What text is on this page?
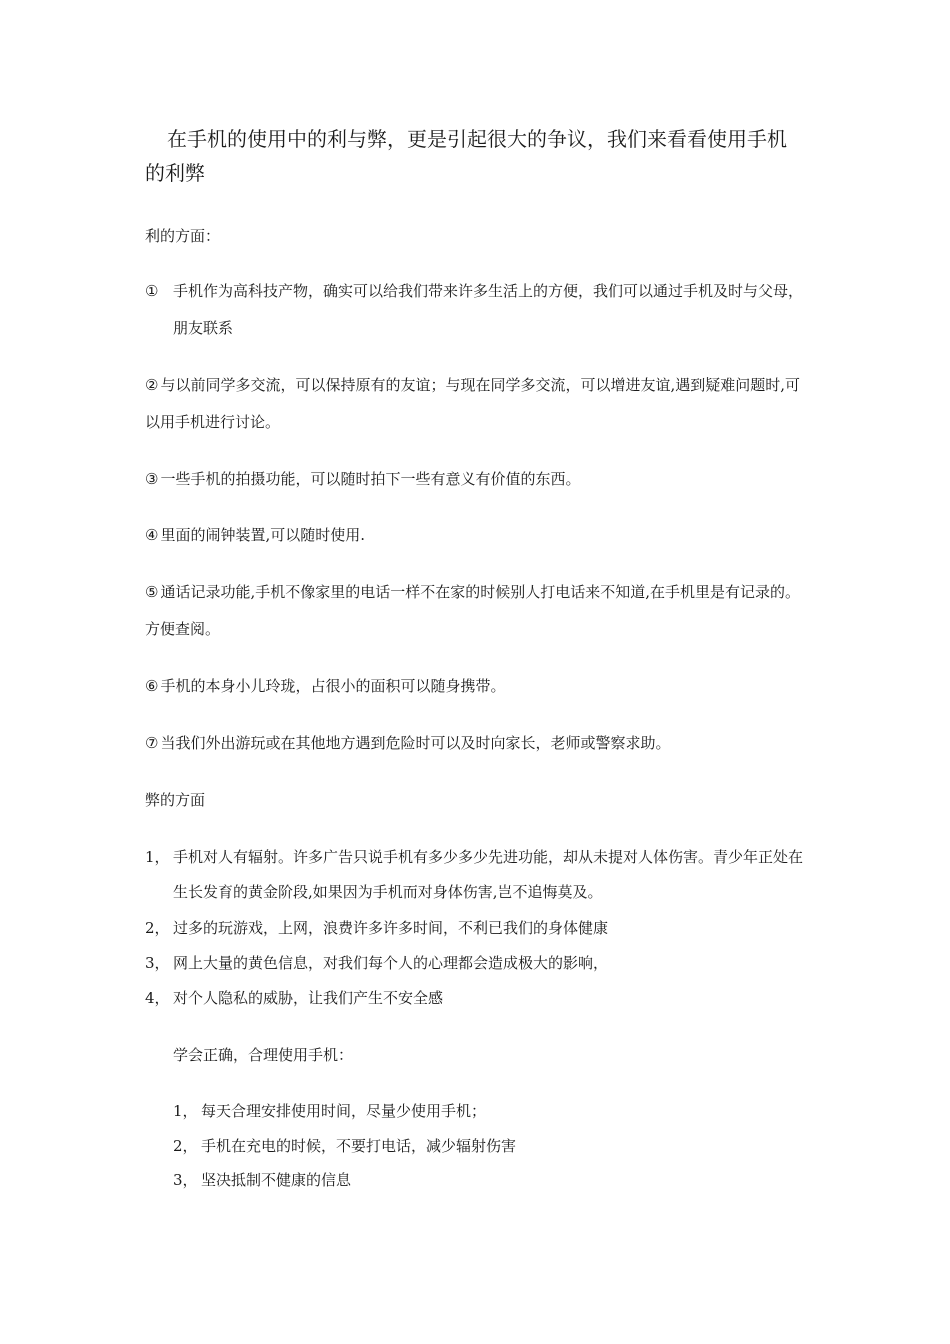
在手机的使用中的利与弊，更是引起很大的争议，我们来看看使用手机的利弊

利的方面：

① 手机作为高科技产物，确实可以给我们带来许多生活上的方便，我们可以通过手机及时与父母，朋友联系

② 与以前同学多交流，可以保持原有的友谊；与现在同学多交流，可以增进友谊,遇到疑难问题时,可以用手机进行讨论。

③ 一些手机的拍摄功能，可以随时拍下一些有意义有价值的东西。

④ 里面的闹钟装置,可以随时使用.

⑤ 通话记录功能,手机不像家里的电话一样不在家的时候别人打电话来不知道,在手机里是有记录的。方便查阅。

⑥ 手机的本身小儿玲珑，占很小的面积可以随身携带。

⑦ 当我们外出游玩或在其他地方遇到危险时可以及时向家长，老师或警察求助。

弊的方面

1， 手机对人有辐射。许多广告只说手机有多少多少先进功能，却从未提对人体伤害。青少年正处在生长发育的黄金阶段,如果因为手机而对身体伤害,岂不追悔莫及。

2， 过多的玩游戏，上网，浪费许多许多时间，不利已我们的身体健康

3， 网上大量的黄色信息，对我们每个人的心理都会造成极大的影响，

4， 对个人隐私的威胁，让我们产生不安全感

学会正确，合理使用手机：

1， 每天合理安排使用时间，尽量少使用手机；

2， 手机在充电的时候，不要打电话，减少辐射伤害

3， 坚决抵制不健康的信息
